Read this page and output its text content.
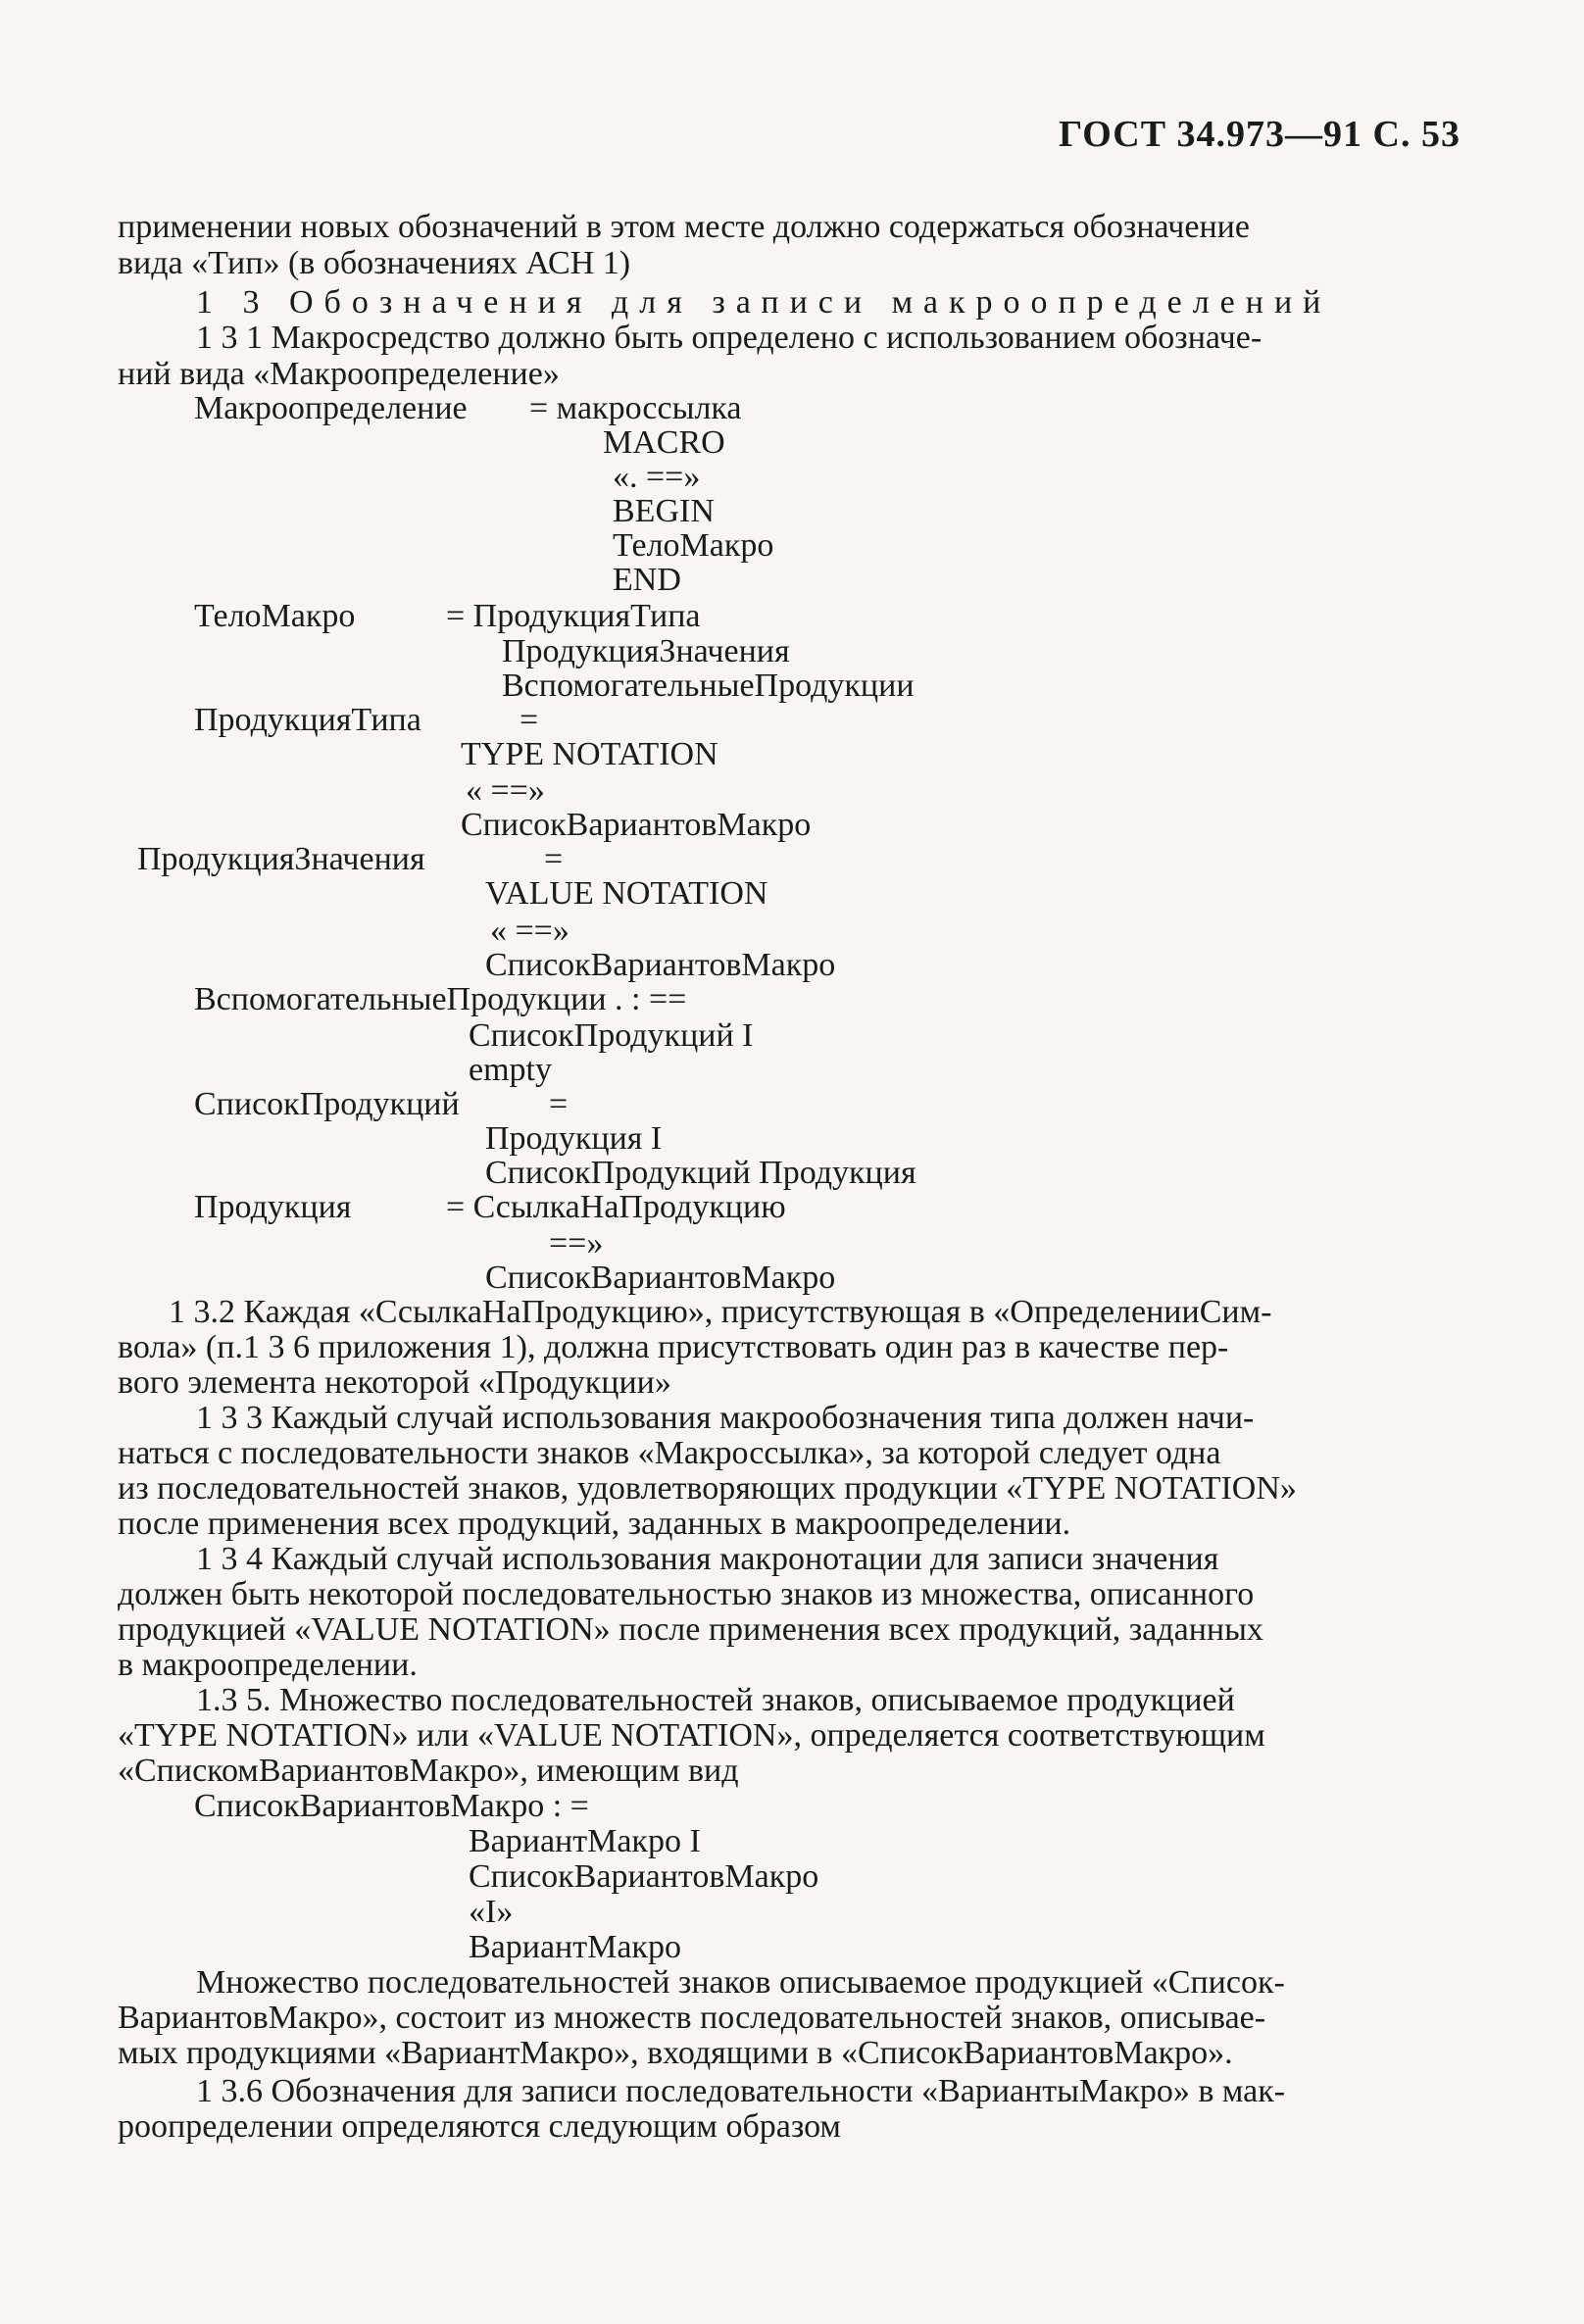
ГОСТ 34.973—91 С. 53
применении новых обозначений в этом месте должно содержаться обозначение
вида «Тип» (в обозначениях АСН 1)
1 3 Обозначения для записи макроопределений
1 3 1 Макросредство должно быть определено с использованием обозначе-
ний вида «Макроопределение»
Макроопределение = макроссылка
MACRO
«. ==»
BEGIN
ТелоМакро
END
ТелоМакро	= ПродукцияТипа
ПродукцияЗначения
ВспомогательныеПродукции
ПродукцияТипа	=
TYPE NOTATION
« ==»
СписокВариантовМакро
ПродукцияЗначения	=
VALUE NOTATION
« ==»
СписокВариантовМакро
ВспомогательныеПродукции . : ==
СписокПродукций I
empty
СписокПродукций	=
Продукция I
СписокПродукций Продукция
Продукция	= СсылкаНаПродукцию
==»
СписокВариантовМакро
1 3.2 Каждая «СсылкаНаПродукцию», присутствующая в «ОпределенииСим-
вола» (п.1 3 6 приложения 1), должна присутствовать один раз в качестве пер-
вого элемента некоторой «Продукции»
1 3 3 Каждый случай использования макрообозначения типа должен начи-
наться с последовательности знаков «Макроссылка», за которой следует одна
из последовательностей знаков, удовлетворяющих продукции «TYPE NOTATION»
после применения всех продукций, заданных в макроопределении.
1 3 4 Каждый случай использования макронотации для записи значения
должен быть некоторой последовательностью знаков из множества, описанного
продукцией «VALUE NOTATION» после применения всех продукций, заданных
в макроопределении.
1.3 5. Множество последовательностей знаков, описываемое продукцией
«TYPE NOTATION» или «VALUE NOTATION», определяется соответствующим
«СпискомВариантовМакро», имеющим вид
СписокВариантовМакро : =
ВариантМакро I
СписокВариантовМакро
«I»
ВариантМакро
Множество последовательностей знаков описываемое продукцией «Список-
ВариантовМакро», состоит из множеств последовательностей знаков, описывае-
мых продукциями «ВариантМакро», входящими в «СписокВариантовМакро».
1 3.6 Обозначения для записи последовательности «ВариантыМакро» в мак-
роопределении определяются следующим образом
